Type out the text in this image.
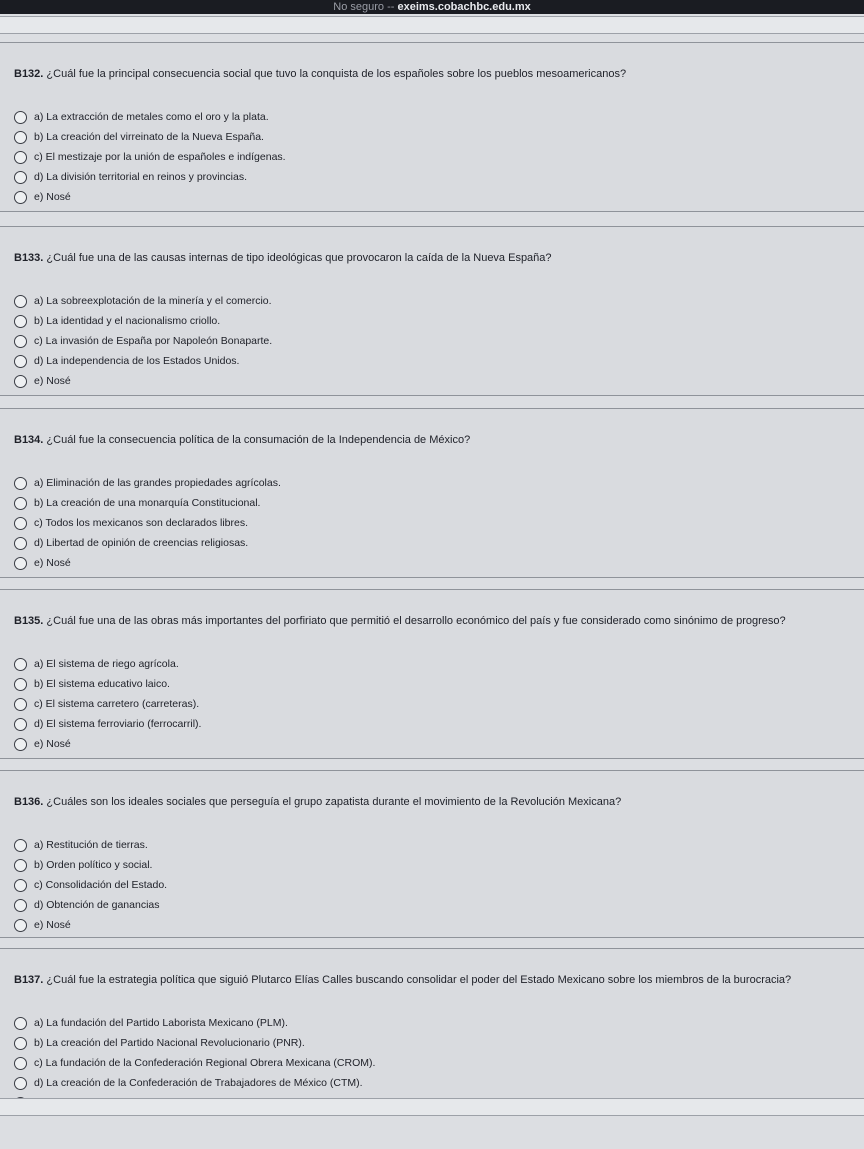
No seguro -- exeims.cobachbc.edu.mx
B132. ¿Cuál fue la principal consecuencia social que tuvo la conquista de los españoles sobre los pueblos mesoamericanos?
a) La extracción de metales como el oro y la plata.
b) La creación del virreinato de la Nueva España.
c) El mestizaje por la unión de españoles e indígenas.
d) La división territorial en reinos y provincias.
e) Nosé
B133. ¿Cuál fue una de las causas internas de tipo ideológicas que provocaron la caída de la Nueva España?
a) La sobreexplotación de la minería y el comercio.
b) La identidad y el nacionalismo criollo.
c) La invasión de España por Napoleón Bonaparte.
d) La independencia de los Estados Unidos.
e) Nosé
B134. ¿Cuál fue la consecuencia política de la consumación de la Independencia de México?
a) Eliminación de las grandes propiedades agrícolas.
b) La creación de una monarquía Constitucional.
c) Todos los mexicanos son declarados libres.
d) Libertad de opinión de creencias religiosas.
e) Nosé
B135. ¿Cuál fue una de las obras más importantes del porfiriato que permitió el desarrollo económico del país y fue considerado como sinónimo de progreso?
a) El sistema de riego agrícola.
b) El sistema educativo laico.
c) El sistema carretero (carreteras).
d) El sistema ferroviario (ferrocarril).
e) Nosé
B136. ¿Cuáles son los ideales sociales que perseguía el grupo zapatista durante el movimiento de la Revolución Mexicana?
a) Restitución de tierras.
b) Orden político y social.
c) Consolidación del Estado.
d) Obtención de ganancias
e) Nosé
B137. ¿Cuál fue la estrategia política que siguió Plutarco Elías Calles buscando consolidar el poder del Estado Mexicano sobre los miembros de la burocracia?
a) La fundación del Partido Laborista Mexicano (PLM).
b) La creación del Partido Nacional Revolucionario (PNR).
c) La fundación de la Confederación Regional Obrera Mexicana (CROM).
d) La creación de la Confederación de Trabajadores de México (CTM).
